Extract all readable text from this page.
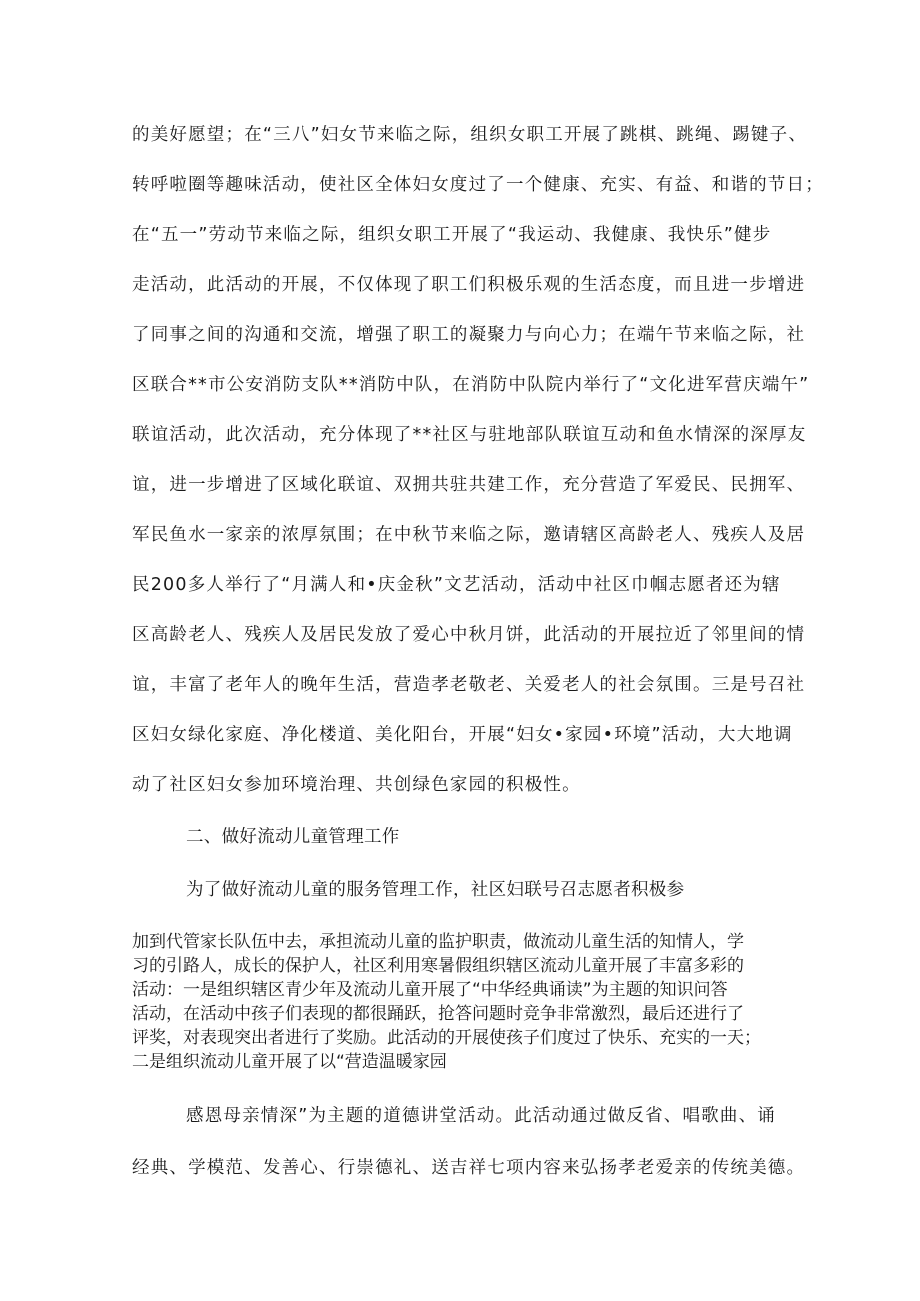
的美好愿望；在“三八”妇女节来临之际，组织女职工开展了跳棋、跳绳、踢键子、
转呼啦圈等趣味活动，使社区全体妇女度过了一个健康、充实、有益、和谐的节日；
在“五一”劳动节来临之际，组织女职工开展了“我运动、我健康、我快乐”健步
走活动，此活动的开展，不仅体现了职工们积极乐观的生活态度，而且进一步增进
了同事之间的沟通和交流，增强了职工的凝聚力与向心力；在端午节来临之际，社
区联合**市公安消防支队**消防中队，在消防中队院内举行了“文化进军营庆端午”
联谊活动，此次活动，充分体现了**社区与驻地部队联谊互动和鱼水情深的深厚友
谊，进一步增进了区域化联谊、双拥共驻共建工作，充分营造了军爱民、民拥军、
军民鱼水一家亲的浓厚氛围；在中秋节来临之际，邀请辖区高龄老人、残疾人及居
民200多人举行了“月满人和•庆金秋”文艺活动，活动中社区巾帼志愿者还为辖
区高龄老人、残疾人及居民发放了爱心中秋月饼，此活动的开展拉近了邻里间的情
谊，丰富了老年人的晚年生活，营造孝老敬老、关爱老人的社会氛围。三是号召社
区妇女绿化家庭、净化楼道、美化阳台，开展“妇女•家园•环境”活动，大大地调
动了社区妇女参加环境治理、共创绿色家园的积极性。
二、做好流动儿童管理工作
为了做好流动儿童的服务管理工作，社区妇联号召志愿者积极参
加到代管家长队伍中去，承担流动儿童的监护职责，做流动儿童生活的知情人，学
习的引路人，成长的保护人，社区利用寒暑假组织辖区流动儿童开展了丰富多彩的
活动：一是组织辖区青少年及流动儿童开展了“中华经典诵读”为主题的知识问答
活动，在活动中孩子们表现的都很踊跃，抢答问题时竞争非常激烈，最后还进行了
评奖，对表现突出者进行了奖励。此活动的开展使孩子们度过了快乐、充实的一天；
二是组织流动儿童开展了以“营造温暖家园
感恩母亲情深”为主题的道德讲堂活动。此活动通过做反省、唱歌曲、诵
经典、学模范、发善心、行崇德礼、送吉祥七项内容来弘扬孝老爱亲的传统美德。
